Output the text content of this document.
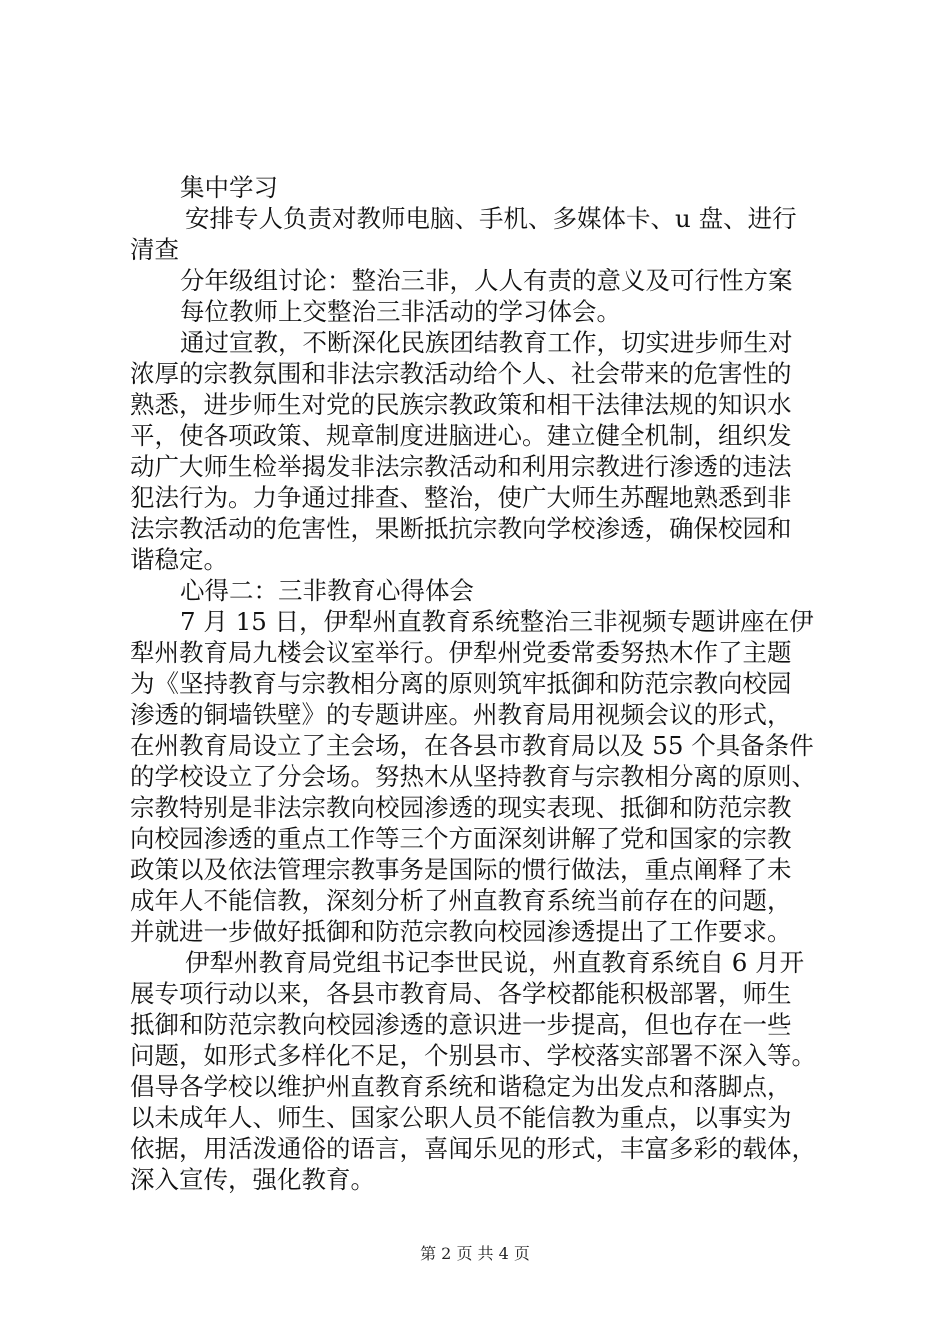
集中学习
安排专人负责对教师电脑、手机、多媒体卡、u 盘、进行
清查
分年级组讨论：整治三非，人人有责的意义及可行性方案
每位教师上交整治三非活动的学习体会。
通过宣教，不断深化民族团结教育工作，切实进步师生对
浓厚的宗教氛围和非法宗教活动给个人、社会带来的危害性的
熟悉，进步师生对党的民族宗教政策和相干法律法规的知识水
平，使各项政策、规章制度进脑进心。建立健全机制，组织发
动广大师生检举揭发非法宗教活动和利用宗教进行渗透的违法
犯法行为。力争通过排查、整治，使广大师生苏醒地熟悉到非
法宗教活动的危害性，果断抵抗宗教向学校渗透，确保校园和
谐稳定。
心得二：三非教育心得体会
7 月 15 日，伊犁州直教育系统整治三非视频专题讲座在伊
犁州教育局九楼会议室举行。伊犁州党委常委努热木作了主题
为《坚持教育与宗教相分离的原则筑牢抵御和防范宗教向校园
渗透的铜墙铁壁》的专题讲座。州教育局用视频会议的形式，
在州教育局设立了主会场，在各县市教育局以及 55 个具备条件
的学校设立了分会场。努热木从坚持教育与宗教相分离的原则、
宗教特别是非法宗教向校园渗透的现实表现、抵御和防范宗教
向校园渗透的重点工作等三个方面深刻讲解了党和国家的宗教
政策以及依法管理宗教事务是国际的惯行做法，重点阐释了未
成年人不能信教，深刻分析了州直教育系统当前存在的问题，
并就进一步做好抵御和防范宗教向校园渗透提出了工作要求。
伊犁州教育局党组书记李世民说，州直教育系统自 6 月开
展专项行动以来，各县市教育局、各学校都能积极部署，师生
抵御和防范宗教向校园渗透的意识进一步提高，但也存在一些
问题，如形式多样化不足，个别县市、学校落实部署不深入等。
倡导各学校以维护州直教育系统和谐稳定为出发点和落脚点，
以未成年人、师生、国家公职人员不能信教为重点，以事实为
依据，用活泼通俗的语言，喜闻乐见的形式，丰富多彩的载体，
深入宣传，强化教育。
第 2 页 共 4 页
